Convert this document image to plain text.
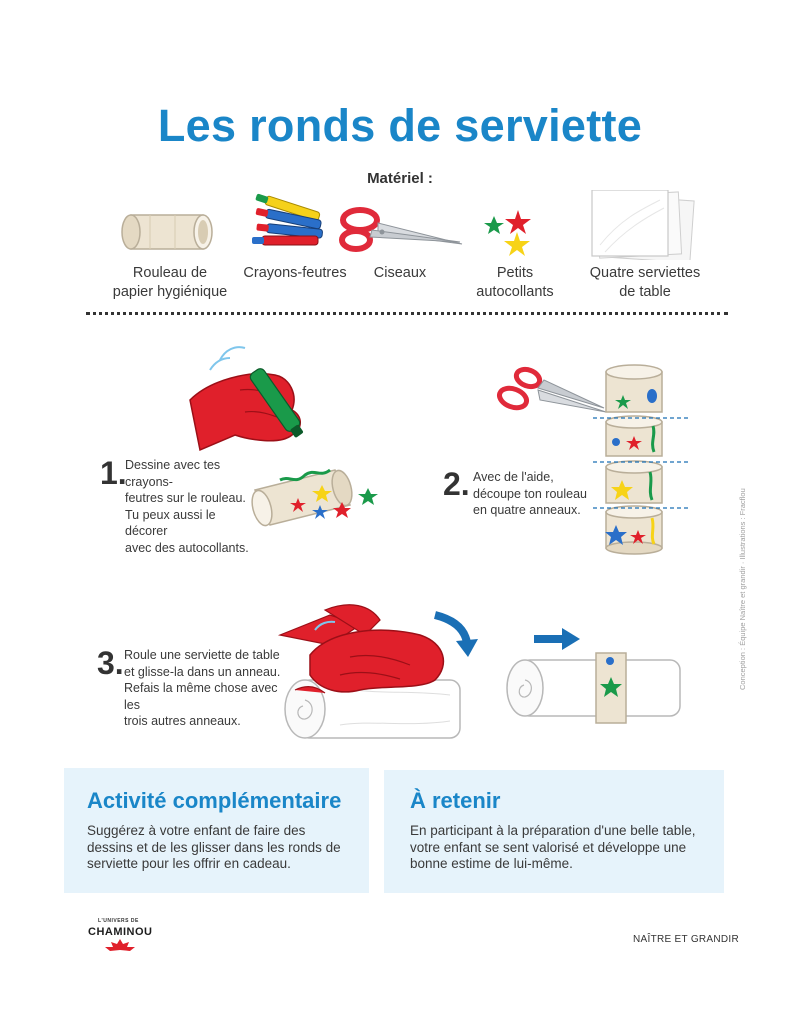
Les ronds de serviette
Matériel :
Rouleau de
papier hygiénique
Crayons-feutres	Ciseaux	Petits
autocollants
Quatre serviettes
de table
1.
Dessine avec tes crayons-
feutres sur le rouleau.
Tu peux aussi le décorer
avec des autocollants.
2. Avec de l'aide,
découpe ton rouleau
en quatre anneaux.
3. Roule une serviette de table
et glisse-la dans un anneau.
Refais la même chose avec les
trois autres anneaux.
Conception : Équipe Naître et grandir · Illustrations : Fracflou
Activité complémentaire
Suggérez à votre enfant de faire des
dessins et de les glisser dans les ronds de
serviette pour les offrir en cadeau.
À retenir
En participant à la préparation d'une belle table,
votre enfant se sent valorisé et développe une
bonne estime de lui-même.
L'UNIVERS DE
CHAMINOU
NAÎTRE ET GRANDIR
